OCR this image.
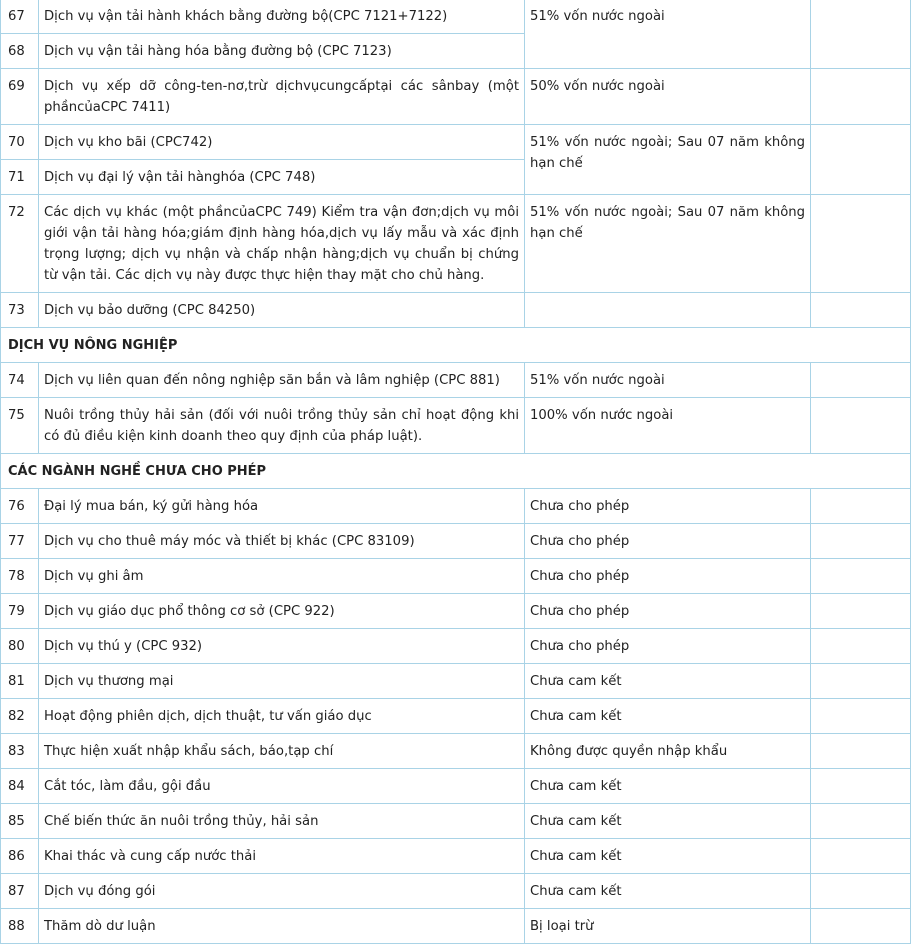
67	Dịch vụ vận tải hành khách bằng đường bộ(CPC 7121+7122)	51% vốn nước ngoài	
68	Dịch vụ vận tải hàng hóa bằng đường bộ (CPC 7123)		
69	Dịch vụ xếp dỡ công-ten-nơ,trừ dịchvụcungcấptại các sânbay (một phầncủaCPC 7411)	50% vốn nước ngoài	
70	Dịch vụ kho bãi (CPC742)	51% vốn nước ngoài; Sau 07 năm không hạn chế	
71	Dịch vụ đại lý vận tải hànghóa (CPC 748)		
72	Các dịch vụ khác (một phầncủaCPC 749) Kiểm tra vận đơn;dịch vụ môi giới vận tải hàng hóa;giám định hàng hóa,dịch vụ lấy mẫu và xác định trọng lượng; dịch vụ nhận và chấp nhận hàng;dịch vụ chuẩn bị chứng từ vận tải. Các dịch vụ này được thực hiện thay mặt cho chủ hàng.	51% vốn nước ngoài; Sau 07 năm không hạn chế	
73	Dịch vụ bảo dưỡng (CPC 84250)		
DỊCH VỤ NÔNG NGHIỆP			
74	Dịch vụ liên quan đến nông nghiệp săn bắn và lâm nghiệp (CPC 881)	51% vốn nước ngoài	
75	Nuôi trồng thủy hải sản (đối với nuôi trồng thủy sản chỉ hoạt động khi có đủ điều kiện kinh doanh theo quy định của pháp luật).	100% vốn nước ngoài	
CÁC NGÀNH NGHỀ CHƯA CHO PHÉP			
76	Đại lý mua bán, ký gửi hàng hóa	Chưa cho phép	
77	Dịch vụ cho thuê máy móc và thiết bị khác (CPC 83109)	Chưa cho phép	
78	Dịch vụ ghi âm	Chưa cho phép	
79	Dịch vụ giáo dục phổ thông cơ sở (CPC 922)	Chưa cho phép	
80	Dịch vụ thú y (CPC 932)	Chưa cho phép	
81	Dịch vụ thương mại	Chưa cam kết	
82	Hoạt động phiên dịch, dịch thuật, tư vấn giáo dục	Chưa cam kết	
83	Thực hiện xuất nhập khẩu sách, báo,tạp chí	Không được quyền nhập khẩu	
84	Cắt tóc, làm đầu, gội đầu	Chưa cam kết	
85	Chế biến thức ăn nuôi trồng thủy, hải sản	Chưa cam kết	
86	Khai thác và cung cấp nước thải	Chưa cam kết	
87	Dịch vụ đóng gói	Chưa cam kết	
88	Thăm dò dư luận	Bị loại trừ	
